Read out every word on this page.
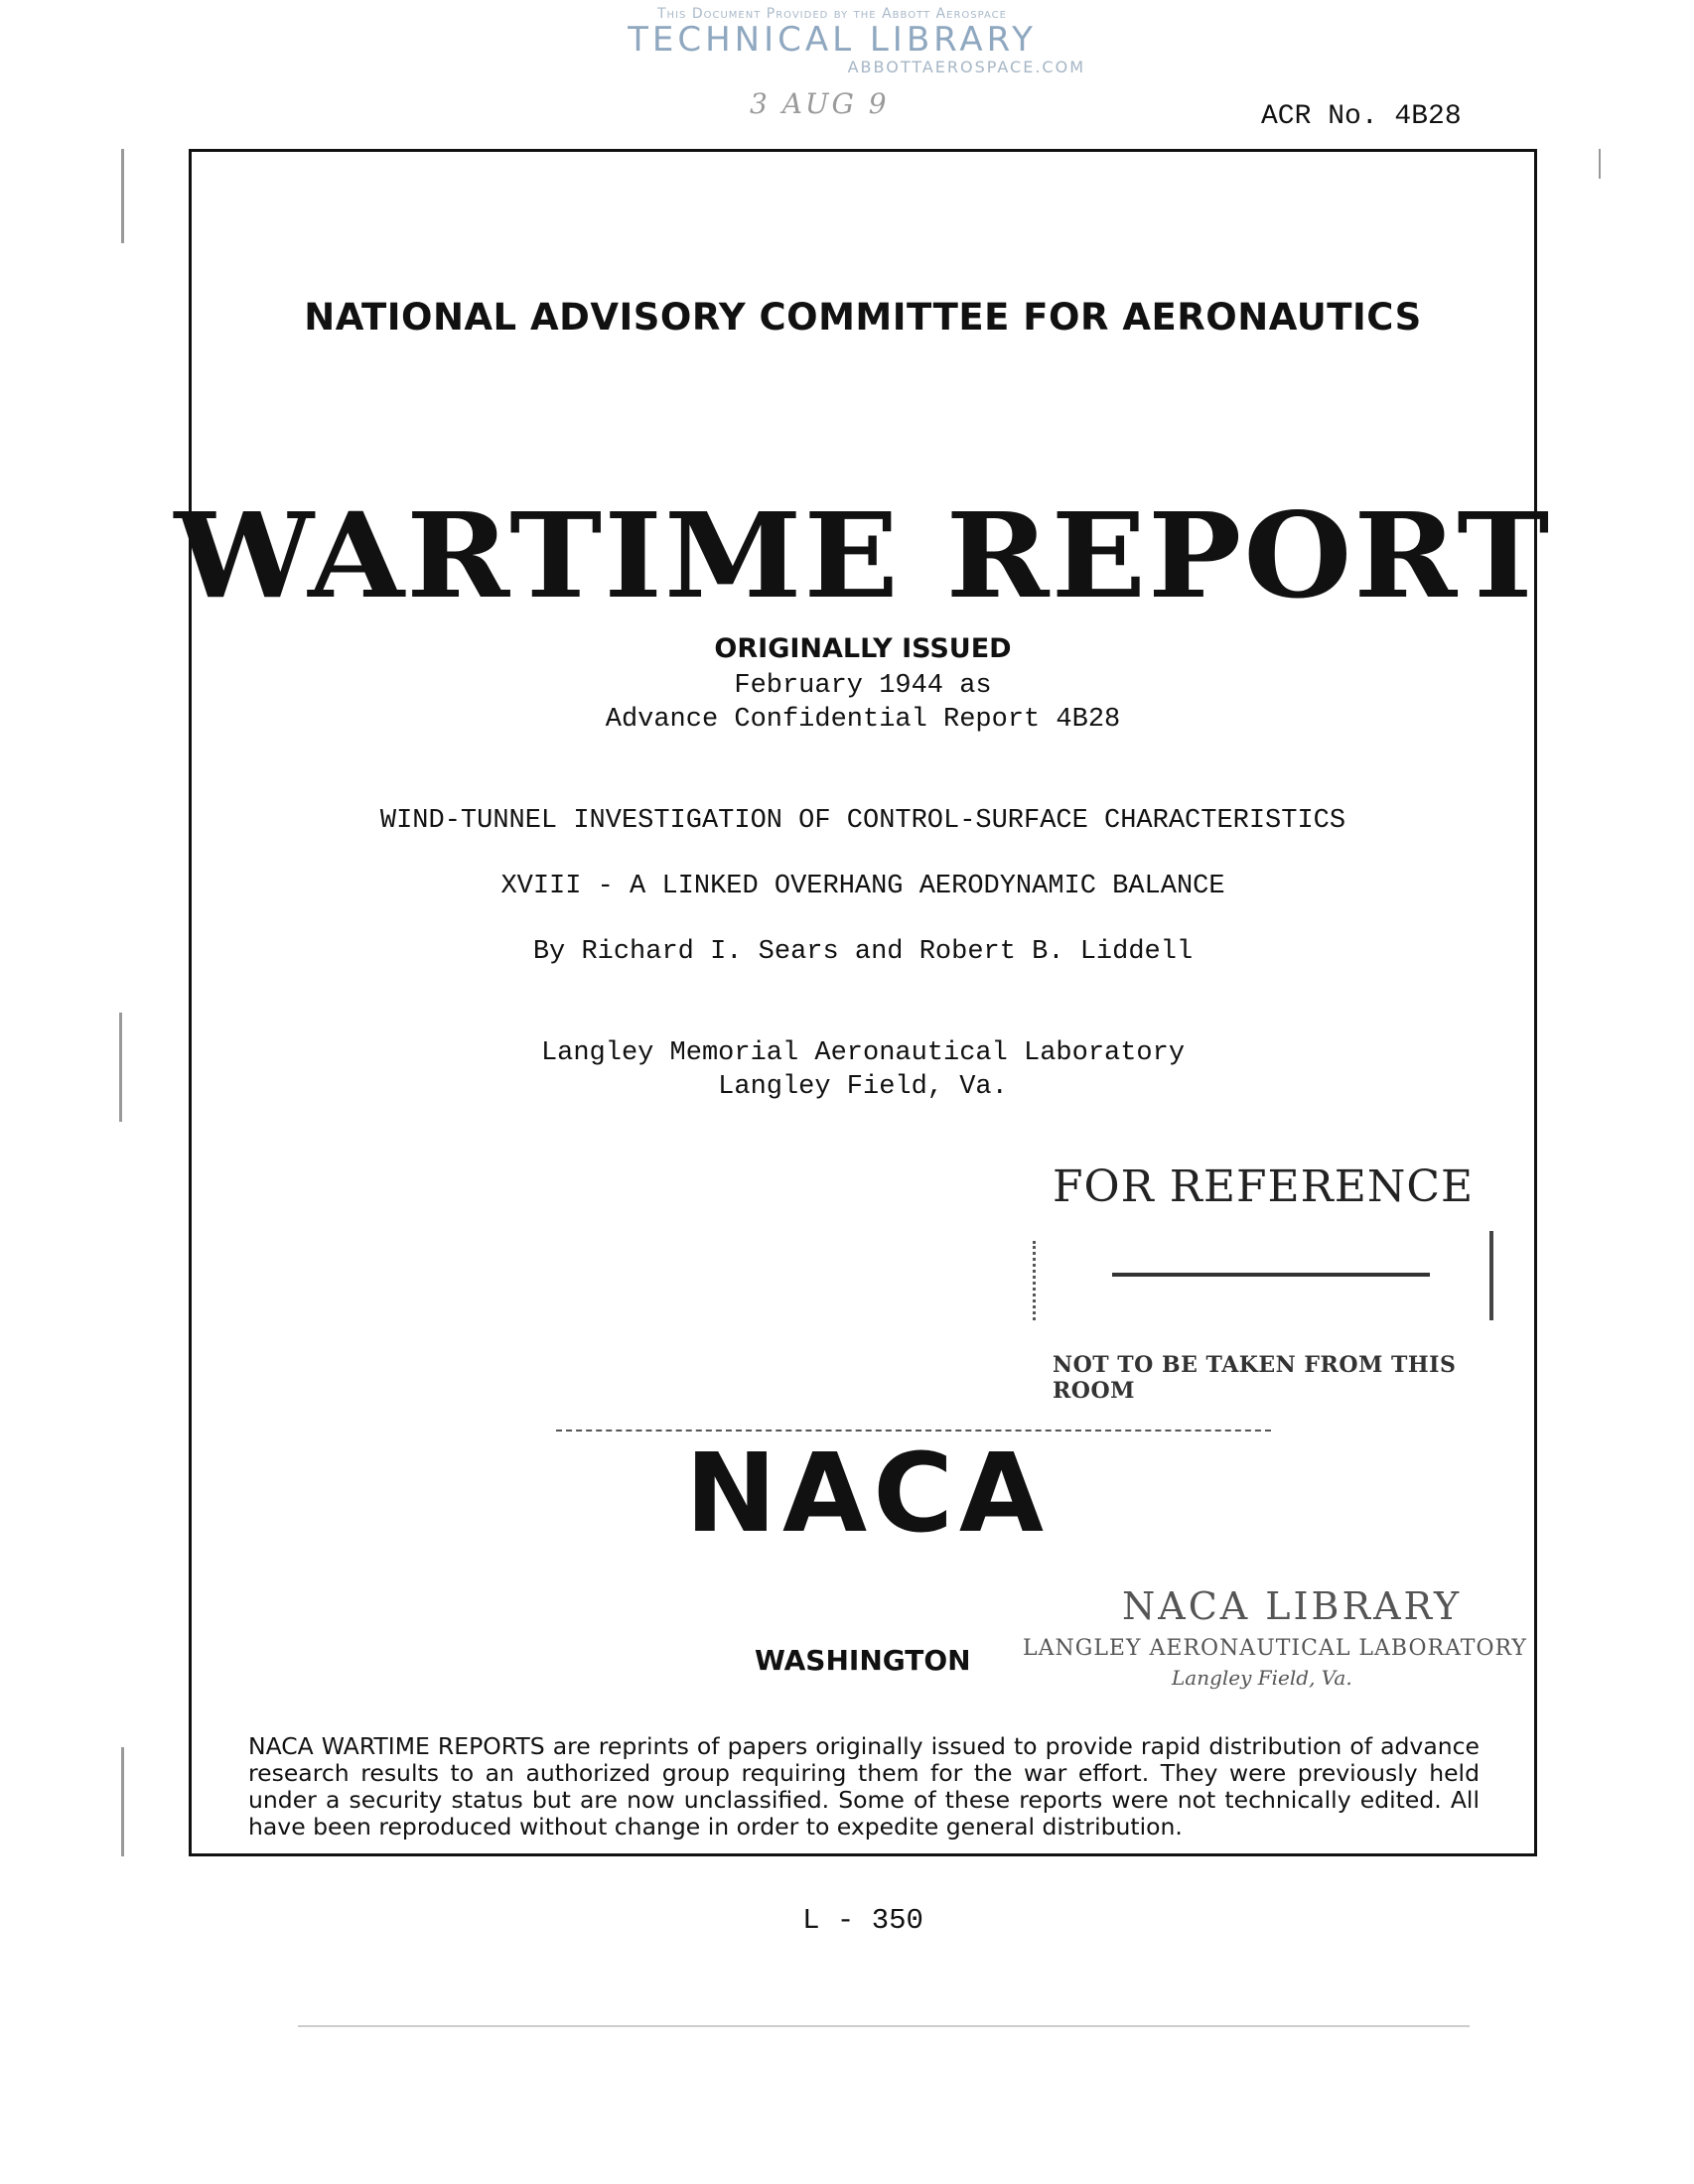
This Document Provided by the Abbott Aerospace
TECHNICAL LIBRARY
ABBOTTAEROSPACE.COM
3 AUG 9	ACR No. 4B28
NATIONAL ADVISORY COMMITTEE FOR AERONAUTICS
WARTIME REPORT
ORIGINALLY ISSUED
February 1944 as
Advance Confidential Report 4B28
WIND-TUNNEL INVESTIGATION OF CONTROL-SURFACE CHARACTERISTICS
XVIII - A LINKED OVERHANG AERODYNAMIC BALANCE
By Richard I. Sears and Robert B. Liddell
Langley Memorial Aeronautical Laboratory
Langley Field, Va.
FOR REFERENCE
NOT TO BE TAKEN FROM THIS ROOM
NACA
WASHINGTON
NACA LIBRARY
LANGLEY AERONAUTICAL LABORATORY
Langley Field, Va.
NACA WARTIME REPORTS are reprints of papers originally issued to provide rapid distribution of advance research results to an authorized group requiring them for the war effort. They were previously held under a security status but are now unclassified. Some of these reports were not technically edited. All have been reproduced without change in order to expedite general distribution.
L - 350
